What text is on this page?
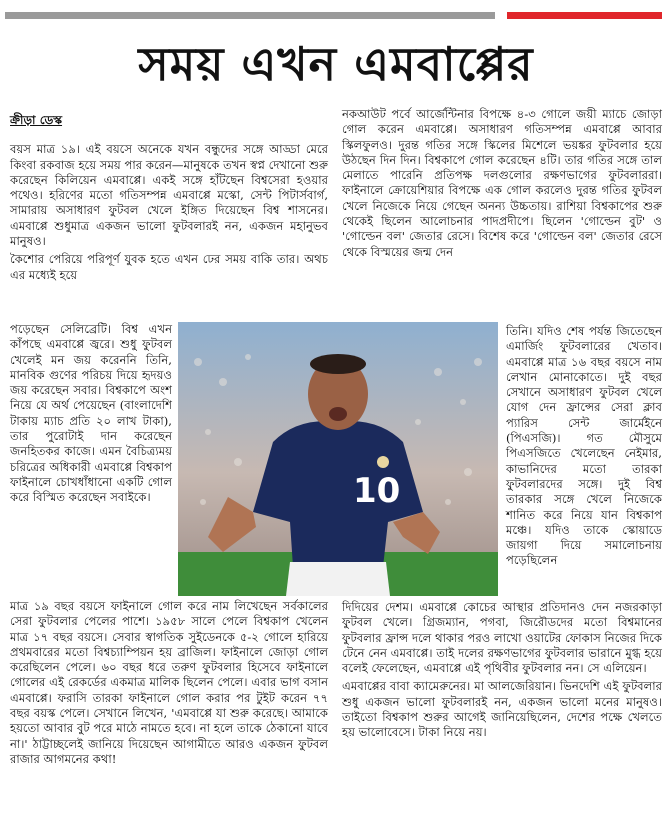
সময় এখন এমবাপ্পের
ক্রীড়া ডেস্ক

বয়স মাত্র ১৯। এই বয়সে অনেকে যখন বন্ধুদের সঙ্গে আড্ডা মেরে কিংবা রকবাজ হয়ে সময় পার করেন—মানুষকে তখন স্বপ্ন দেখানো শুরু করেছেন কিলিয়েন এমবাপ্পে। একই সঙ্গে হাঁটছেন বিশ্বসেরা হওয়ার পথেও। হরিণের মতো গতিসম্পন্ন এমবাপ্পে মস্কো, সেন্ট পিটার্সবার্গ, সামারায় অসাধারণ ফুটবল খেলে ইঙ্গিত দিয়েছেন বিশ্ব শাসনের। এমবাপ্পে শুধুমাত্র একজন ভালো ফুটবলারই নন, একজন মহানুভব মানুষও।

কৈশোর পেরিয়ে পরিপূর্ণ যুবক হতে এখন ঢের সময় বাকি তার। অথচ এর মধ্যেই হয়ে

পড়েছেন সেলিব্রেটি। বিশ্ব এখন কাঁপছে এমবাপ্পে জ্বরে। শুধু ফুটবল খেলেই মন জয় করেননি তিনি, মানবিক গুণের পরিচয় দিয়ে হৃদয়ও জয় করেছেন সবার। বিশ্বকাপে অংশ নিয়ে যে অর্থ পেয়েছেন (বাংলাদেশি টাকায় ম্যাচ প্রতি ২০ লাখ টাকা), তার পুরোটাই দান করেছেন জনহিতকর কাজে। এমন বৈচিত্র্যময় চরিত্রের অধিকারী এমবাপ্পে বিশ্বকাপ ফাইনালে চোখধাঁধানো একটি গোল করে বিস্মিত করেছেন সবাইকে।	10
নকআউট পর্বে আর্জেন্টিনার বিপক্ষে ৪-৩ গোলে জয়ী ম্যাচে জোড়া গোল করেন এমবাপ্পে। অসাধারণ গতিসম্পন্ন এমবাপ্পে আবার স্কিলফুলও। দুরন্ত গতির সঙ্গে স্কিলের মিশেলে ভয়ঙ্কর ফুটবলার হয়ে উঠছেন দিন দিন। বিশ্বকাপে গোল করেছেন ৪টি। তার গতির সঙ্গে তাল মেলাতে পারেনি প্রতিপক্ষ দলগুলোর রক্ষণভাগের ফুটবলাররা। ফাইনালে ক্রোয়েশিয়ার বিপক্ষে এক গোল করলেও দুরন্ত গতির ফুটবল খেলে নিজেকে নিয়ে গেছেন অনন্য উচ্চতায়। রাশিয়া বিশ্বকাপের শুরু থেকেই ছিলেন আলোচনার পাদপ্রদীপে। ছিলেন 'গোল্ডেন বুট' ও 'গোল্ডেন বল' জেতার রেসে। বিশেষ করে 'গোল্ডেন বল' জেতার রেসে থেকে বিস্ময়ের জন্ম দেন
তিনি। যদিও শেষ পর্যন্ত জিতেছেন এমার্জিং ফুটবলারের খেতাব। এমবাপ্পে মাত্র ১৬ বছর বয়সে নাম লেখান মোনাকোতে। দুই বছর সেখানে অসাধারণ ফুটবল খেলে যোগ দেন ফ্রান্সের সেরা ক্লাব প্যারিস সেন্ট জার্মেইনে (পিএসজি)। গত মৌসুমে পিএসজিতে খেলেছেন নেইমার, কাভানিদের মতো তারকা ফুটবলারদের সঙ্গে। দুই বিশ্ব তারকার সঙ্গে খেলে নিজেকে শানিত করে নিয়ে যান বিশ্বকাপ মঞ্চে। যদিও তাকে স্কোয়াডে জায়গা দিয়ে সমালোচনায় পড়েছিলেন
মাত্র ১৯ বছর বয়সে ফাইনালে গোল করে নাম লিখেছেন সর্বকালের সেরা ফুটবলার পেলের পাশে। ১৯৫৮ সালে পেলে বিশ্বকাপ খেলেন মাত্র ১৭ বছর বয়সে। সেবার স্বাগতিক সুইডেনকে ৫-২ গোলে হারিয়ে প্রথমবারের মতো বিশ্বচ্যাম্পিয়ন হয় ব্রাজিল। ফাইনালে জোড়া গোল করেছিলেন পেলে। ৬০ বছর ধরে তরুণ ফুটবলার হিসেবে ফাইনালে গোলের এই রেকর্ডের একমাত্র মালিক ছিলেন পেলে। এবার ভাগ বসান এমবাপ্পে। ফরাসি তারকা ফাইনালে গোল করার পর টুইট করেন ৭৭ বছর বয়স্ক পেলে। সেখানে লিখেন, 'এমবাপ্পে যা শুরু করেছে। আমাকে হয়তো আবার বুট পরে মাঠে নামতে হবে। না হলে তাকে ঠেকানো যাবে না।' ঠাট্টাচ্ছলেই জানিয়ে দিয়েছেন আগামীতে আরও একজন ফুটবল রাজার আগমনের কথা!

দিদিয়ের দেশম। এমবাপ্পে কোচের আস্থার প্রতিদানও দেন নজরকাড়া ফুটবল খেলে। গ্রিজম্যান, পগবা, জিরৌডদের মতো বিশ্বমানের ফুটবলার ফ্রান্স দলে থাকার পরও লাখো ওয়াটের ফোকাস নিজের দিকে টেনে নেন এমবাপ্পে। তাই দলের রক্ষণভাগের ফুটবলার ভারানে মুগ্ধ হয়ে বলেই ফেলেছেন, এমবাপ্পে এই পৃথিবীর ফুটবলার নন। সে এলিয়েন।

এমবাপ্পের বাবা ক্যামেরুনের। মা আলজেরিয়ান। ভিনদেশি এই ফুটবলার শুধু একজন ভালো ফুটবলারই নন, একজন ভালো মনের মানুষও। তাইতো বিশ্বকাপ শুরুর আগেই জানিয়েছিলেন, দেশের পক্ষে খেলতে হয় ভালোবেসে। টাকা নিয়ে নয়।
